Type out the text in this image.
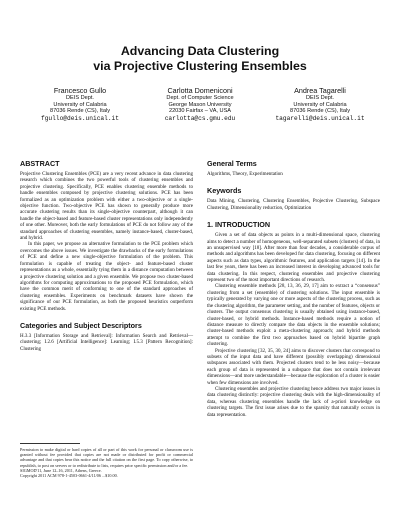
Advancing Data Clustering
via Projective Clustering Ensembles
Francesco Gullo
DEIS Dept.
University of Calabria
87036 Rende (CS), Italy
fgullo@deis.unical.it
Carlotta Domeniconi
Dept. of Computer Science
George Mason University
22030 Fairfax – VA, USA
carlotta@cs.gmu.edu
Andrea Tagarelli
DEIS Dept.
University of Calabria
87036 Rende (CS), Italy
tagarelli@deis.unical.it
ABSTRACT

Projective Clustering Ensembles (PCE) are a very recent advance in data clustering research which combines the two powerful tools of clustering ensembles and projective clustering. Specifically, PCE enables clustering ensemble methods to handle ensembles composed by projective clustering solutions. PCE has been formalized as an optimization problem with either a two-objective or a single-objective function. Two-objective PCE has shown to generally produce more accurate clustering results than its single-objective counterpart, although it can handle the object-based and feature-based cluster representations only independently of one other. Moreover, both the early formulations of PCE do not follow any of the standard approaches of clustering ensembles, namely instance-based, cluster-based, and hybrid.

In this paper, we propose an alternative formulation to the PCE problem which overcomes the above issues. We investigate the drawbacks of the early formulations of PCE and define a new single-objective formulation of the problem. This formulation is capable of treating the object- and feature-based cluster representations as a whole, essentially tying them in a distance computation between a projective clustering solution and a given ensemble. We propose two cluster-based algorithms for computing approximations to the proposed PCE formulation, which have the common merit of conforming to one of the standard approaches of clustering ensembles. Experiments on benchmark datasets have shown the significance of our PCE formulation, as both the proposed heuristics outperform existing PCE methods.

Categories and Subject Descriptors

H.3.3 [Information Storage and Retrieval]: Information Search and Retrieval—clustering; I.2.6 [Artificial Intelligence]: Learning; I.5.3 [Pattern Recognition]: Clustering

Permission to make digital or hard copies of all or part of this work for personal or classroom use is granted without fee provided that copies are not made or distributed for profit or commercial advantage and that copies bear this notice and the full citation on the first page. To copy otherwise, to republish, to post on servers or to redistribute to lists, requires prior specific permission and/or a fee.
SIGMOD'11, June 12–16, 2011, Athens, Greece.
Copyright 2011 ACM 978-1-4503-0661-4/11/06 ...$10.00.
General Terms

Algorithms, Theory, Experimentation

Keywords

Data Mining, Clustering, Clustering Ensembles, Projective Clustering, Subspace Clustering, Dimensionality reduction, Optimization

1. INTRODUCTION

Given a set of data objects as points in a multi-dimensional space, clustering aims to detect a number of homogeneous, well-separated subsets (clusters) of data, in an unsupervised way [18]. After more than four decades, a considerable corpus of methods and algorithms has been developed for data clustering, focusing on different aspects such as data types, algorithmic features, and application targets [14]. In the last few years, there has been an increased interest in developing advanced tools for data clustering. In this respect, clustering ensembles and projective clustering represent two of the most important directions of research.

Clustering ensemble methods [28, 13, 36, 29, 17] aim to extract a “consensus” clustering from a set (ensemble) of clustering solutions. The input ensemble is typically generated by varying one or more aspects of the clustering process, such as the clustering algorithm, the parameter setting, and the number of features, objects or clusters. The output consensus clustering is usually obtained using instance-based, cluster-based, or hybrid methods. Instance-based methods require a notion of distance measure to directly compare the data objects in the ensemble solutions; cluster-based methods exploit a meta-clustering approach; and hybrid methods attempt to combine the first two approaches based on hybrid bipartite graph clustering.

Projective clustering [32, 35, 30, 24] aims to discover clusters that correspond to subsets of the input data and have different (possibly overlapping) dimensional subspaces associated with them. Projected clusters tend to be less noisy—because each group of data is represented in a subspace that does not contain irrelevant dimensions—and more understandable—because the exploration of a cluster is easier when few dimensions are involved.

Clustering ensembles and projective clustering hence address two major issues in data clustering distinctly: projective clustering deals with the high-dimensionality of data, whereas clustering ensembles handle the lack of a-priori knowledge on clustering targets. The first issue arises due to the sparsity that naturally occurs in data representation.
